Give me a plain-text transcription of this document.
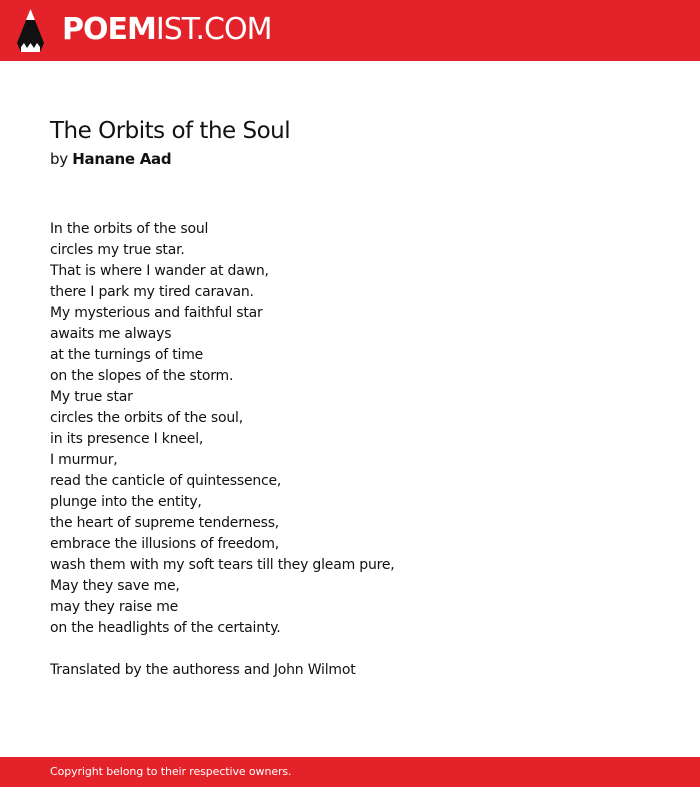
POEMIST.COM
The Orbits of the Soul
by Hanane Aad
In the orbits of the soul
circles my true star.
That is where I wander at dawn,
there I park my tired caravan.
My mysterious and faithful star
awaits me always
at the turnings of time
on the slopes of the storm.
My true star
circles the orbits of the soul,
in its presence I kneel,
I murmur,
read the canticle of quintessence,
plunge into the entity,
the heart of supreme tenderness,
embrace the illusions of freedom,
wash them with my soft tears till they gleam pure,
May they save me,
may they raise me
on the headlights of the certainty.
Translated by the authoress and John Wilmot
Copyright belong to their respective owners.
